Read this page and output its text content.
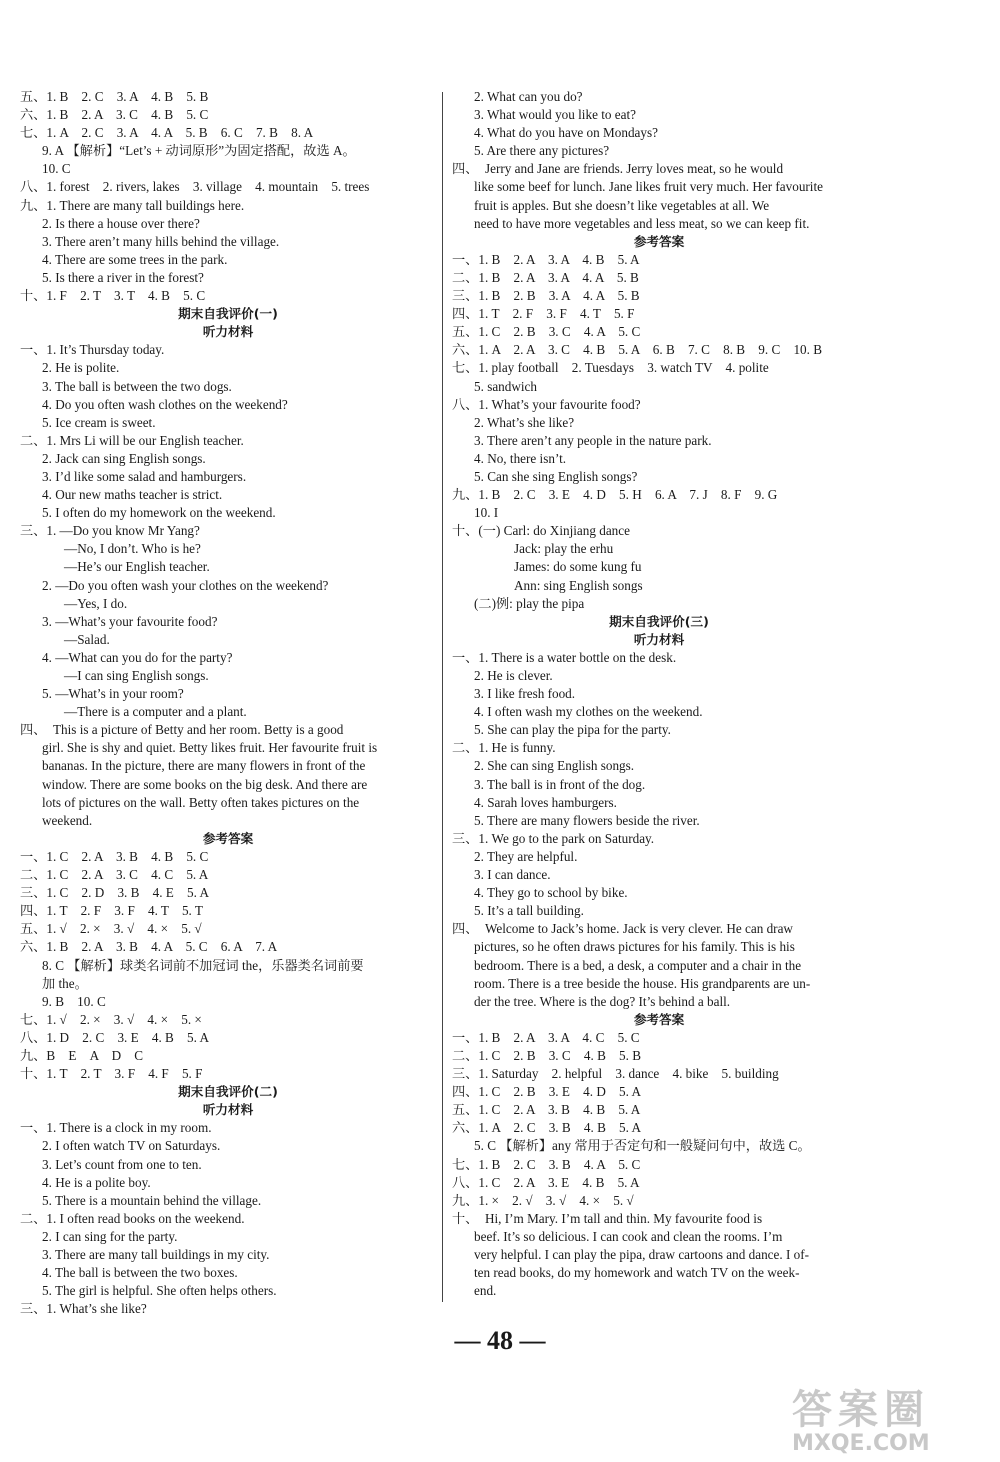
五、1. B　2. C　3. A　4. B　5. B
六、1. B　2. A　3. C　4. B　5. C
七、1. A　2. C　3. A　4. A　5. B　6. C　7. B　8. A
9. A 【解析】“Let’s + 动词原形”为固定搭配，故选 A。
10. C
八、1. forest　2. rivers, lakes　3. village　4. mountain　5. trees
九、1. There are many tall buildings here.
2. Is there a house over there?
3. There aren’t many hills behind the village.
4. There are some trees in the park.
5. Is there a river in the forest?
十、1. F　2. T　3. T　4. B　5. C
期末自我评价(一)
听力材料
一、1. It’s Thursday today.
2. He is polite.
3. The ball is between the two dogs.
4. Do you often wash clothes on the weekend?
5. Ice cream is sweet.
二、1. Mrs Li will be our English teacher.
2. Jack can sing English songs.
3. I’d like some salad and hamburgers.
4. Our new maths teacher is strict.
5. I often do my homework on the weekend.
三、1. —Do you know Mr Yang?
—No, I don’t. Who is he?
—He’s our English teacher.
2. —Do you often wash your clothes on the weekend?
—Yes, I do.
3. —What’s your favourite food?
—Salad.
4. —What can you do for the party?
—I can sing English songs.
5. —What’s in your room?
—There is a computer and a plant.
四、　This is a picture of Betty and her room. Betty is a good
girl. She is shy and quiet. Betty likes fruit. Her favourite fruit is
bananas. In the picture, there are many flowers in front of the
window. There are some books on the big desk. And there are
lots of pictures on the wall. Betty often takes pictures on the
weekend.
参考答案
一、1. C　2. A　3. B　4. B　5. C
二、1. C　2. A　3. C　4. C　5. A
三、1. C　2. D　3. B　4. E　5. A
四、1. T　2. F　3. F　4. T　5. T
五、1. √　2. ×　3. √　4. ×　5. √
六、1. B　2. A　3. B　4. A　5. C　6. A　7. A
8. C 【解析】球类名词前不加冠词 the，乐器类名词前要
加 the。
9. B　10. C
七、1. √　2. ×　3. √　4. ×　5. ×
八、1. D　2. C　3. E　4. B　5. A
九、B　E　A　D　C
十、1. T　2. T　3. F　4. F　5. F
期末自我评价(二)
听力材料
一、1. There is a clock in my room.
2. I often watch TV on Saturdays.
3. Let’s count from one to ten.
4. He is a polite boy.
5. There is a mountain behind the village.
二、1. I often read books on the weekend.
2. I can sing for the party.
3. There are many tall buildings in my city.
4. The ball is between the two boxes.
5. The girl is helpful. She often helps others.
三、1. What’s she like?
2. What can you do?
3. What would you like to eat?
4. What do you have on Mondays?
5. Are there any pictures?
四、　Jerry and Jane are friends. Jerry loves meat, so he would
like some beef for lunch. Jane likes fruit very much. Her favourite
fruit is apples. But she doesn’t like vegetables at all. We
need to have more vegetables and less meat, so we can keep fit.
参考答案
一、1. B　2. A　3. A　4. B　5. A
二、1. B　2. A　3. A　4. A　5. B
三、1. B　2. B　3. A　4. A　5. B
四、1. T　2. F　3. F　4. T　5. F
五、1. C　2. B　3. C　4. A　5. C
六、1. A　2. A　3. C　4. B　5. A　6. B　7. C　8. B　9. C　10. B
七、1. play football　2. Tuesdays　3. watch TV　4. polite
5. sandwich
八、1. What’s your favourite food?
2. What’s she like?
3. There aren’t any people in the nature park.
4. No, there isn’t.
5. Can she sing English songs?
九、1. B　2. C　3. E　4. D　5. H　6. A　7. J　8. F　9. G
10. I
十、(一) Carl: do Xinjiang dance
Jack: play the erhu
James: do some kung fu
Ann: sing English songs
(二)例: play the pipa
期末自我评价(三)
听力材料
一、1. There is a water bottle on the desk.
2. He is clever.
3. I like fresh food.
4. I often wash my clothes on the weekend.
5. She can play the pipa for the party.
二、1. He is funny.
2. She can sing English songs.
3. The ball is in front of the dog.
4. Sarah loves hamburgers.
5. There are many flowers beside the river.
三、1. We go to the park on Saturday.
2. They are helpful.
3. I can dance.
4. They go to school by bike.
5. It’s a tall building.
四、　Welcome to Jack’s home. Jack is very clever. He can draw
pictures, so he often draws pictures for his family. This is his
bedroom. There is a bed, a desk, a computer and a chair in the
room. There is a tree beside the house. His grandparents are un-
der the tree. Where is the dog? It’s behind a ball.
参考答案
一、1. B　2. A　3. A　4. C　5. C
二、1. C　2. B　3. C　4. B　5. B
三、1. Saturday　2. helpful　3. dance　4. bike　5. building
四、1. C　2. B　3. E　4. D　5. A
五、1. C　2. A　3. B　4. B　5. A
六、1. A　2. C　3. B　4. B　5. A
5. C 【解析】any 常用于否定句和一般疑问句中，故选 C。
七、1. B　2. C　3. B　4. A　5. C
八、1. C　2. A　3. E　4. B　5. A
九、1. ×　2. √　3. √　4. ×　5. √
十、　Hi, I’m Mary. I’m tall and thin. My favourite food is
beef. It’s so delicious. I can cook and clean the rooms. I’m
very helpful. I can play the pipa, draw cartoons and dance. I of-
ten read books, do my homework and watch TV on the week-
end.
— 48 —
答案圈
MXQE.COM
